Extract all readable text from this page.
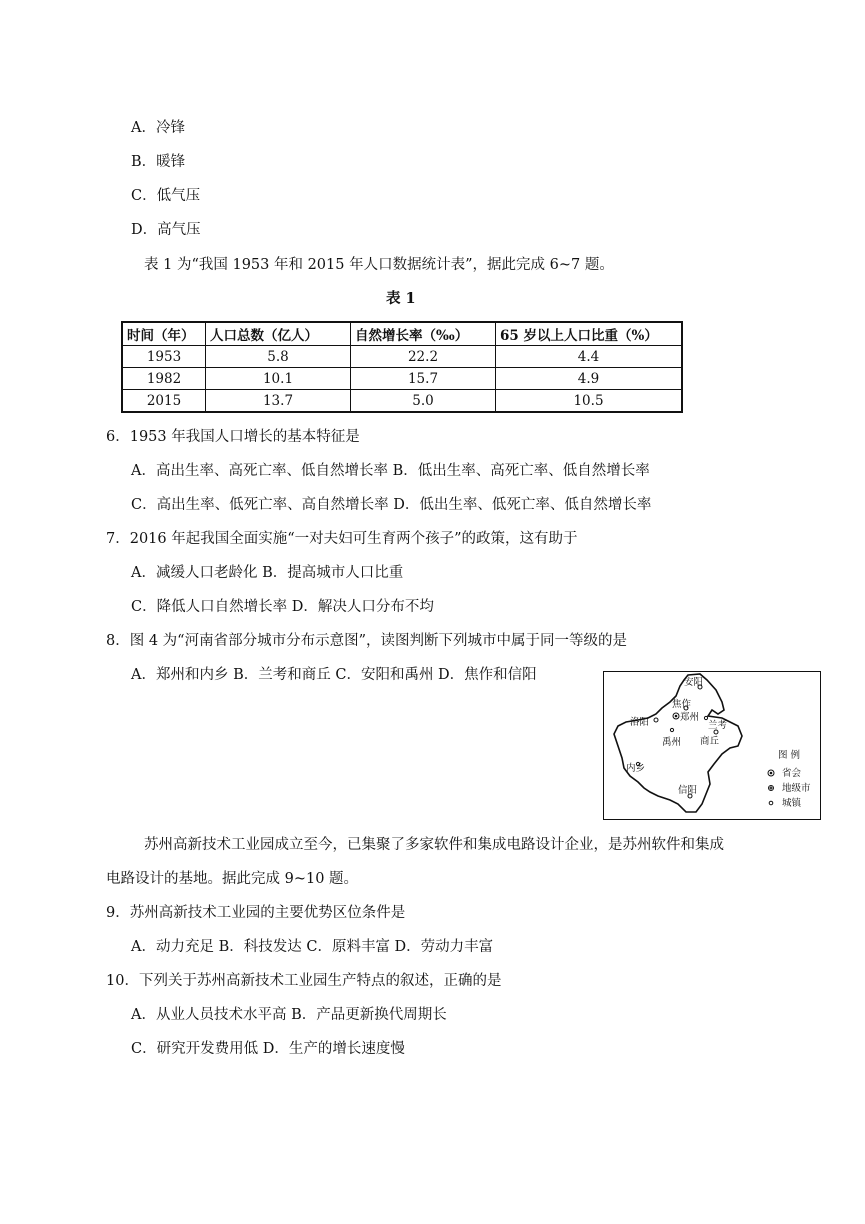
A．冷锋
B．暖锋
C．低气压
D．高气压
表 1 为“我国 1953 年和 2015 年人口数据统计表”，据此完成 6~7 题。
表 1
时间（年）	人口总数（亿人）	自然增长率（‰）	65 岁以上人口比重（%）
1953	5.8	22.2	4.4
1982	10.1	15.7	4.9
2015	13.7	5.0	10.5
6．1953 年我国人口增长的基本特征是
A．高出生率、高死亡率、低自然增长率 B．低出生率、高死亡率、低自然增长率
C．高出生率、低死亡率、高自然增长率 D．低出生率、低死亡率、低自然增长率
7．2016 年起我国全面实施“一对夫妇可生育两个孩子”的政策，这有助于
A．减缓人口老龄化 B．提高城市人口比重
C．降低人口自然增长率 D．解决人口分布不均
8．图 4 为“河南省部分城市分布示意图”，读图判断下列城市中属于同一等级的是
A．郑州和内乡 B．兰考和商丘 C．安阳和禹州 D．焦作和信阳	安阳
焦作
洛阳	郑州
兰考
商丘
禹州
内乡
信阳
图 例
省会
地级市
城镇
苏州高新技术工业园成立至今，已集聚了多家软件和集成电路设计企业，是苏州软件和集成
电路设计的基地。据此完成 9~10 题。
9．苏州高新技术工业园的主要优势区位条件是
A．动力充足 B．科技发达 C．原料丰富 D．劳动力丰富
10．下列关于苏州高新技术工业园生产特点的叙述，正确的是
A．从业人员技术水平高 B．产品更新换代周期长
C．研究开发费用低 D．生产的增长速度慢
